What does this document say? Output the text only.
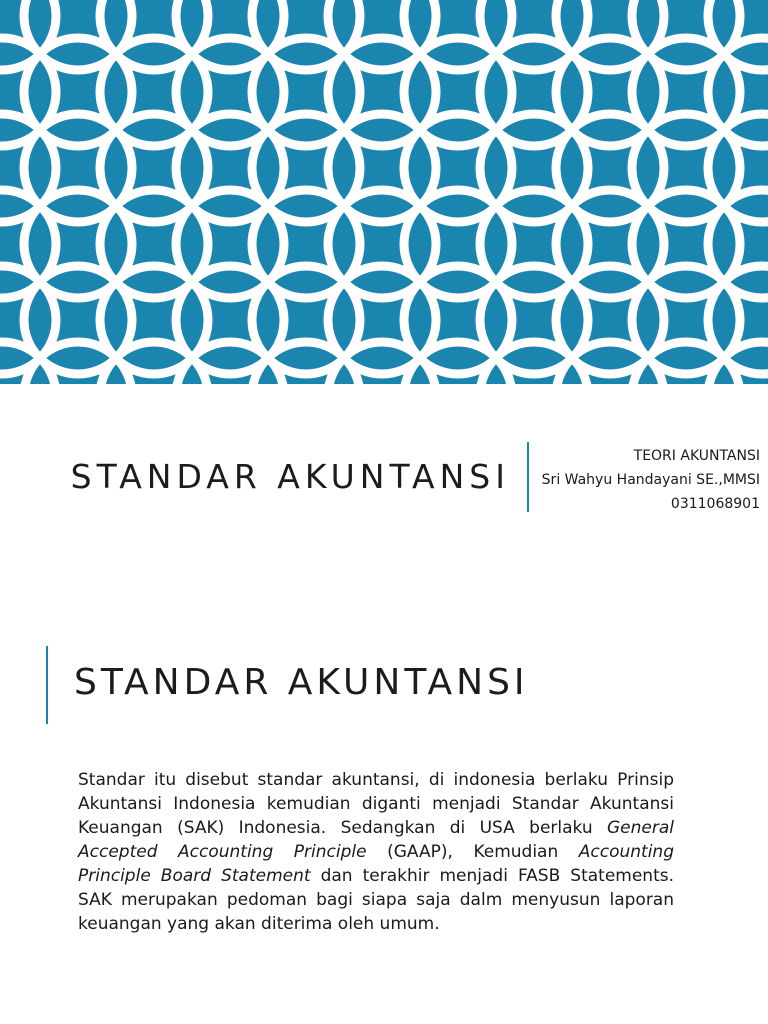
STANDAR AKUNTANSI
TEORI AKUNTANSI
Sri Wahyu Handayani SE.,MMSI
0311068901
STANDAR AKUNTANSI
Standar itu disebut standar akuntansi, di indonesia berlaku Prinsip Akuntansi Indonesia kemudian diganti menjadi Standar Akuntansi Keuangan (SAK) Indonesia. Sedangkan di USA berlaku General Accepted Accounting Principle (GAAP), Kemudian Accounting Principle Board Statement dan terakhir menjadi FASB Statements. SAK merupakan pedoman bagi siapa saja dalm menyusun laporan keuangan yang akan diterima oleh umum.
